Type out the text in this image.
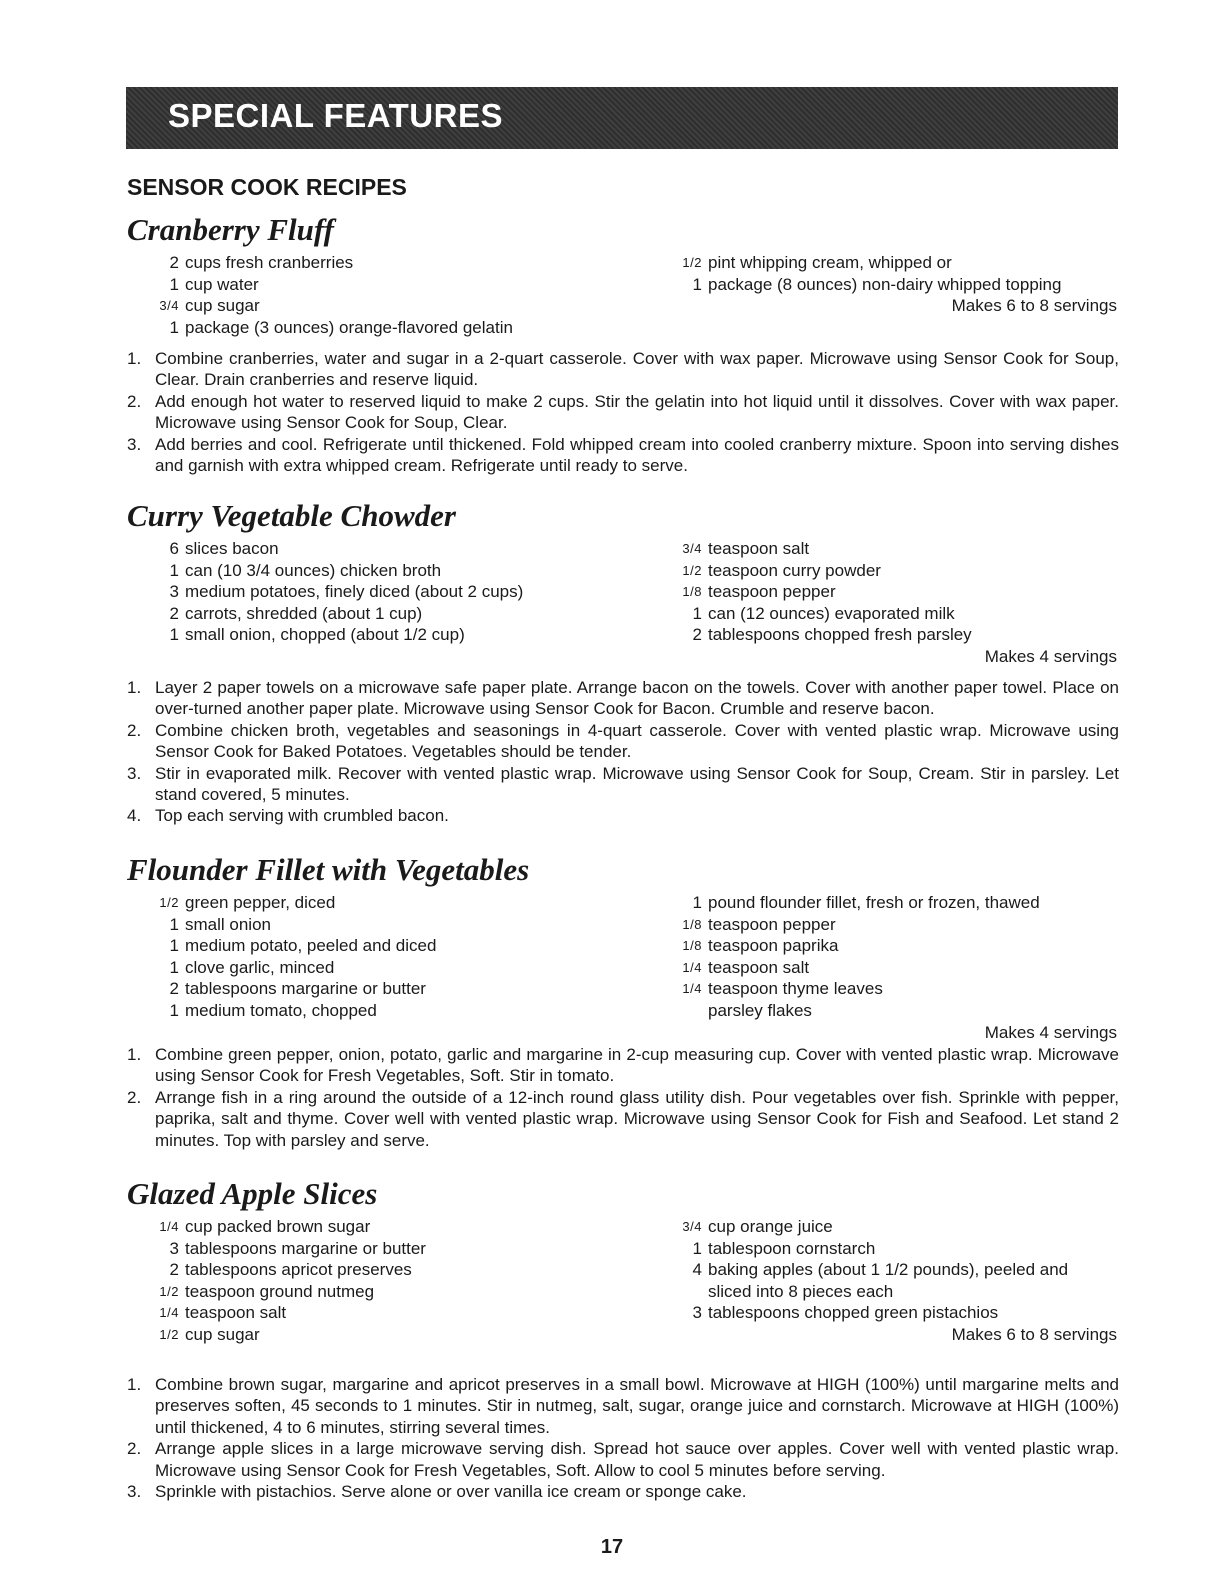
SPECIAL FEATURES
SENSOR COOK RECIPES
Cranberry Fluff
2 cups fresh cranberries
1 cup water
3/4 cup sugar
1 package (3 ounces) orange-flavored gelatin
1/2 pint whipping cream, whipped or
1 package (8 ounces) non-dairy whipped topping
Makes 6 to 8 servings
1. Combine cranberries, water and sugar in a 2-quart casserole. Cover with wax paper. Microwave using Sensor Cook for Soup, Clear. Drain cranberries and reserve liquid.
2. Add enough hot water to reserved liquid to make 2 cups. Stir the gelatin into hot liquid until it dissolves. Cover with wax paper. Microwave using Sensor Cook for Soup, Clear.
3. Add berries and cool. Refrigerate until thickened. Fold whipped cream into cooled cranberry mixture. Spoon into serving dishes and garnish with extra whipped cream. Refrigerate until ready to serve.
Curry Vegetable Chowder
6 slices bacon
1 can (10 3/4 ounces) chicken broth
3 medium potatoes, finely diced (about 2 cups)
2 carrots, shredded (about 1 cup)
1 small onion, chopped (about 1/2 cup)
3/4 teaspoon salt
1/2 teaspoon curry powder
1/8 teaspoon pepper
1 can (12 ounces) evaporated milk
2 tablespoons chopped fresh parsley
Makes 4 servings
1. Layer 2 paper towels on a microwave safe paper plate. Arrange bacon on the towels. Cover with another paper towel. Place on over-turned another paper plate. Microwave using Sensor Cook for Bacon. Crumble and reserve bacon.
2. Combine chicken broth, vegetables and seasonings in 4-quart casserole. Cover with vented plastic wrap. Microwave using Sensor Cook for Baked Potatoes. Vegetables should be tender.
3. Stir in evaporated milk. Recover with vented plastic wrap. Microwave using Sensor Cook for Soup, Cream. Stir in parsley. Let stand covered, 5 minutes.
4. Top each serving with crumbled bacon.
Flounder Fillet with Vegetables
1/2 green pepper, diced
1 small onion
1 medium potato, peeled and diced
1 clove garlic, minced
2 tablespoons margarine or butter
1 medium tomato, chopped
1 pound flounder fillet, fresh or frozen, thawed
1/8 teaspoon pepper
1/8 teaspoon paprika
1/4 teaspoon salt
1/4 teaspoon thyme leaves
parsley flakes
Makes 4 servings
1. Combine green pepper, onion, potato, garlic and margarine in 2-cup measuring cup. Cover with vented plastic wrap. Microwave using Sensor Cook for Fresh Vegetables, Soft. Stir in tomato.
2. Arrange fish in a ring around the outside of a 12-inch round glass utility dish. Pour vegetables over fish. Sprinkle with pepper, paprika, salt and thyme. Cover well with vented plastic wrap. Microwave using Sensor Cook for Fish and Seafood. Let stand 2 minutes. Top with parsley and serve.
Glazed Apple Slices
1/4 cup packed brown sugar
3 tablespoons margarine or butter
2 tablespoons apricot preserves
1/2 teaspoon ground nutmeg
1/4 teaspoon salt
1/2 cup sugar
3/4 cup orange juice
1 tablespoon cornstarch
4 baking apples (about 1 1/2 pounds), peeled and
sliced into 8 pieces each
3 tablespoons chopped green pistachios
Makes 6 to 8 servings
1. Combine brown sugar, margarine and apricot preserves in a small bowl. Microwave at HIGH (100%) until margarine melts and preserves soften, 45 seconds to 1 minutes. Stir in nutmeg, salt, sugar, orange juice and cornstarch. Microwave at HIGH (100%) until thickened, 4 to 6 minutes, stirring several times.
2. Arrange apple slices in a large microwave serving dish. Spread hot sauce over apples. Cover well with vented plastic wrap. Microwave using Sensor Cook for Fresh Vegetables, Soft. Allow to cool 5 minutes before serving.
3. Sprinkle with pistachios. Serve alone or over vanilla ice cream or sponge cake.
17
